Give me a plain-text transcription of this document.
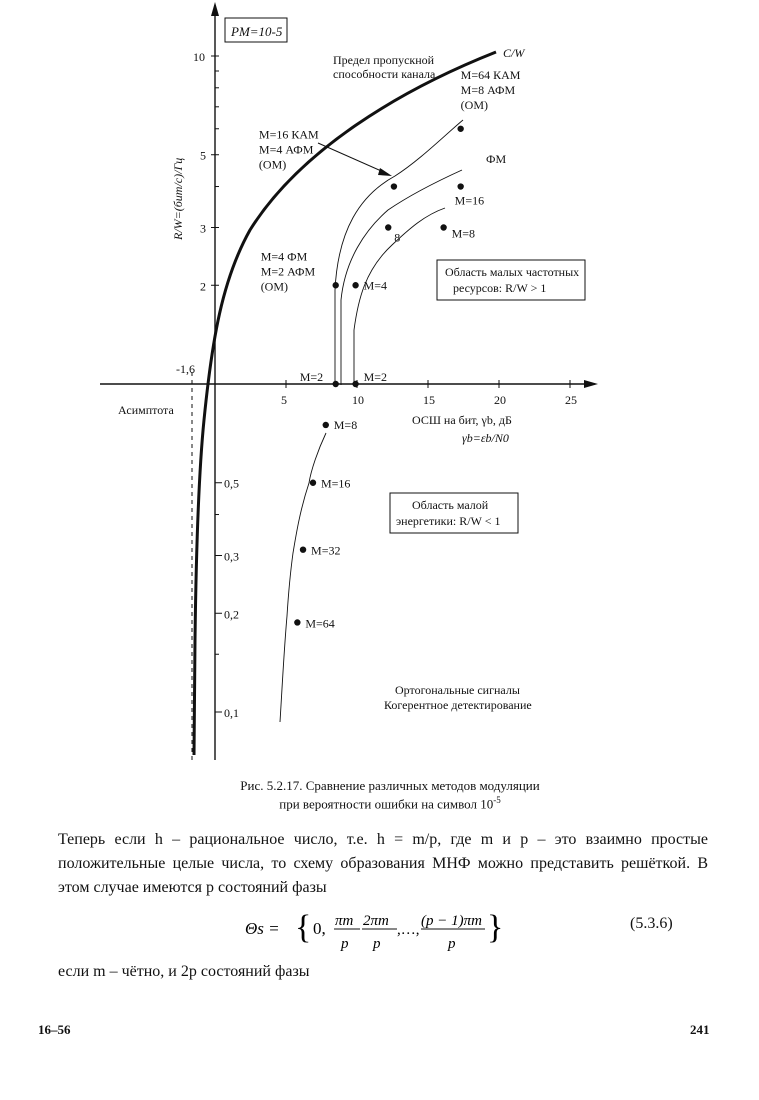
PM=10-5
R/W=(бит/с)/Гц
C/W
Предел пропускной
способности канала
Область малых частотных
ресурсов: R/W > 1
Область малой
энергетики: R/W < 1
Ортогональные сигналы
Когерентное детектирование
Асимптота
-1,6
ОСШ на бит, γb, дБ
γb=εb/N0
5	10	15	20	25
10
5
3
2
0,5
0,3
0,2
0,1
M=4 ФМ
M=2 АФМ
(ОМ)
M=16 КАМ
M=4 АФМ
(ОМ)
M=64 КАМ
M=8 АФМ
(ОМ)
M=2
M=4
8
M=16
M=2
M=8
M=8
M=16
M=32
M=64
ФМ
Рис. 5.2.17. Сравнение различных методов модуляции
при вероятности ошибки на символ $10^{-5}$
Теперь если h – рациональное число, т.е. h = m/p, где m и p – это взаимно простые положительные целые числа, то схему образования МНФ можно представить решёткой. В этом случае имеются p состояний фазы
Θs = { 0, πm
p
2πm
p
,…,
(p − 1)πm
p }	(5.3.6)
если m – чётно, и 2p состояний фазы
16–56	241
